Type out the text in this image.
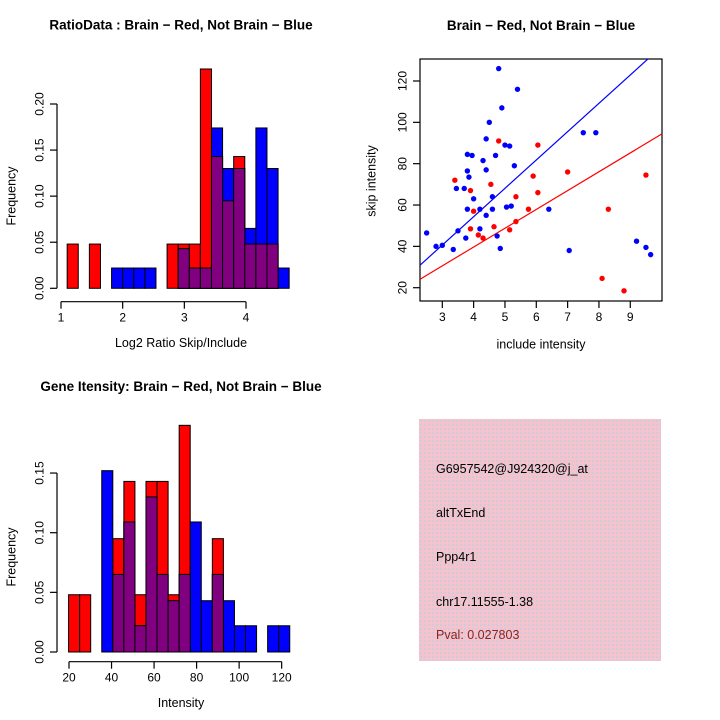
RatioData : Brain − Red, Not Brain − Blue
Log2 Ratio Skip/Include
Frequency
0.00
0.05
0.10
0.15
0.20
1	2	3	4
Brain − Red, Not Brain − Blue
include intensity
skip intensity
3 4 5 6 7 8 9
20
40
60
80
100
120
Gene Itensity: Brain − Red, Not Brain − Blue
Intensity
Frequency
0.00
0.05
0.10
0.15
20 40 60 80 100 120
G6957542@J924320@j_at
altTxEnd
Ppp4r1
chr17.11555-1.38
Pval: 0.027803
